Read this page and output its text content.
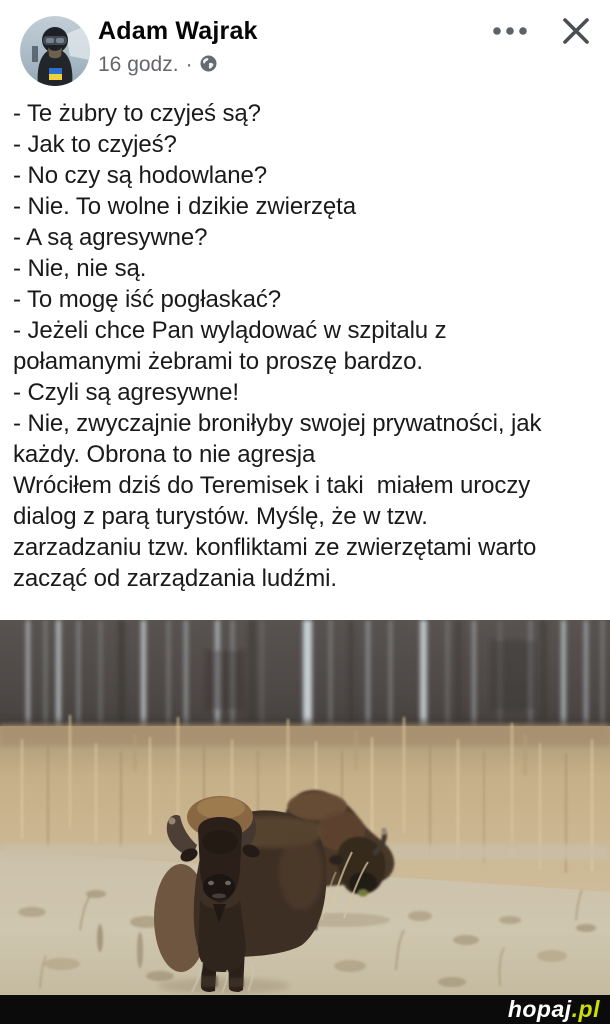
Adam Wajrak
16 godz. ·
- Te żubry to czyjeś są?
- Jak to czyjeś?
- No czy są hodowlane?
- Nie. To wolne i dzikie zwierzęta
- A są agresywne?
- Nie, nie są.
- To mogę iść pogłaskać?
- Jeżeli chce Pan wylądować w szpitalu z
połamanymi żebrami to proszę bardzo.
- Czyli są agresywne!
- Nie, zwyczajnie broniłyby swojej prywatności, jak
każdy. Obrona to nie agresja
Wróciłem dziś do Teremisek i taki  miałem uroczy
dialog z parą turystów. Myślę, że w tzw.
zarzadzaniu tzw. konfliktami ze zwierzętami warto
zacząć od zarządzania ludźmi.
hopaj.pl
